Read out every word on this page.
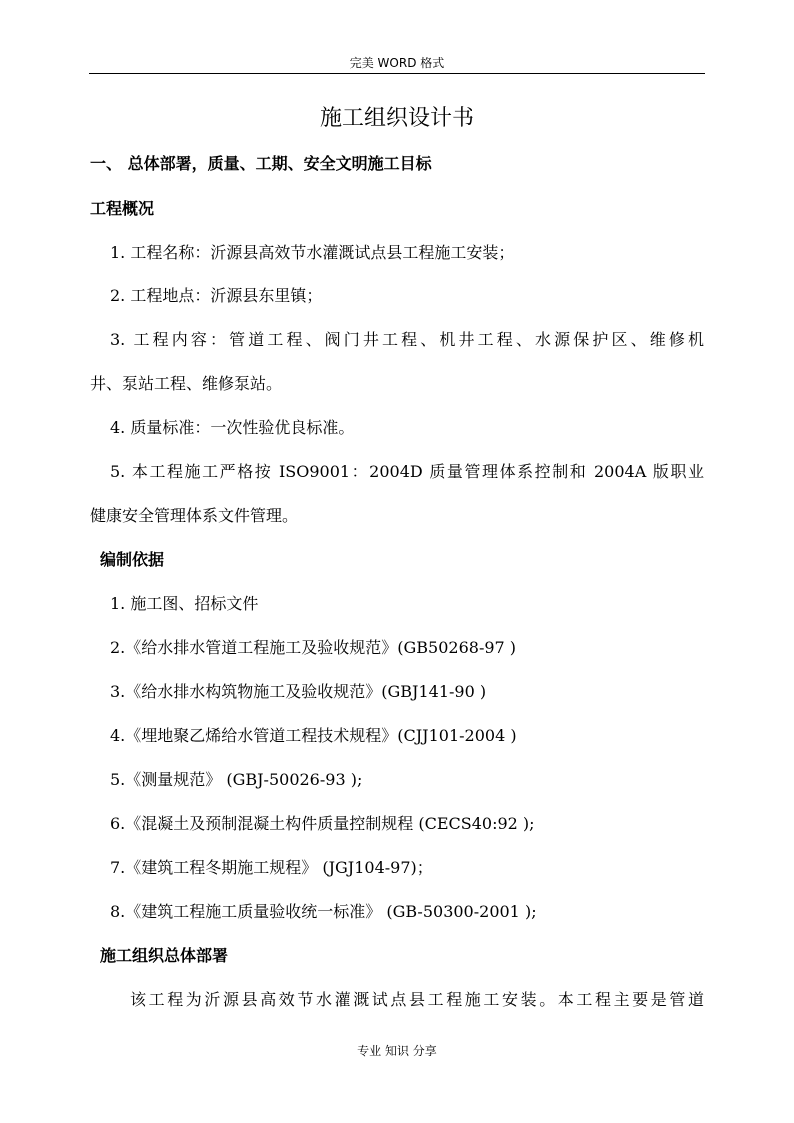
完美 WORD 格式
施工组织设计书
一、 总体部署，质量、工期、安全文明施工目标
工程概况
1. 工程名称：沂源县高效节水灌溉试点县工程施工安装；
2. 工程地点：沂源县东里镇；
3. 工程内容：管道工程、阀门井工程、机井工程、水源保护区、维修机
井、泵站工程、维修泵站。
4. 质量标准：一次性验优良标准。
5. 本工程施工严格按 ISO9001：2004D 质量管理体系控制和 2004A 版职业
健康安全管理体系文件管理。
编制依据
1. 施工图、招标文件
2.《给水排水管道工程施工及验收规范》(GB50268-97 )
3.《给水排水构筑物施工及验收规范》(GBJ141-90 )
4.《埋地聚乙烯给水管道工程技术规程》(CJJ101-2004 )
5.《测量规范》 (GBJ-50026-93 );
6.《混凝土及预制混凝土构件质量控制规程 (CECS40:92 );
7.《建筑工程冬期施工规程》 (JGJ104-97)；
8.《建筑工程施工质量验收统一标准》 (GB-50300-2001 );
施工组织总体部署
该工程为沂源县高效节水灌溉试点县工程施工安装。本工程主要是管道
专业 知识 分享
